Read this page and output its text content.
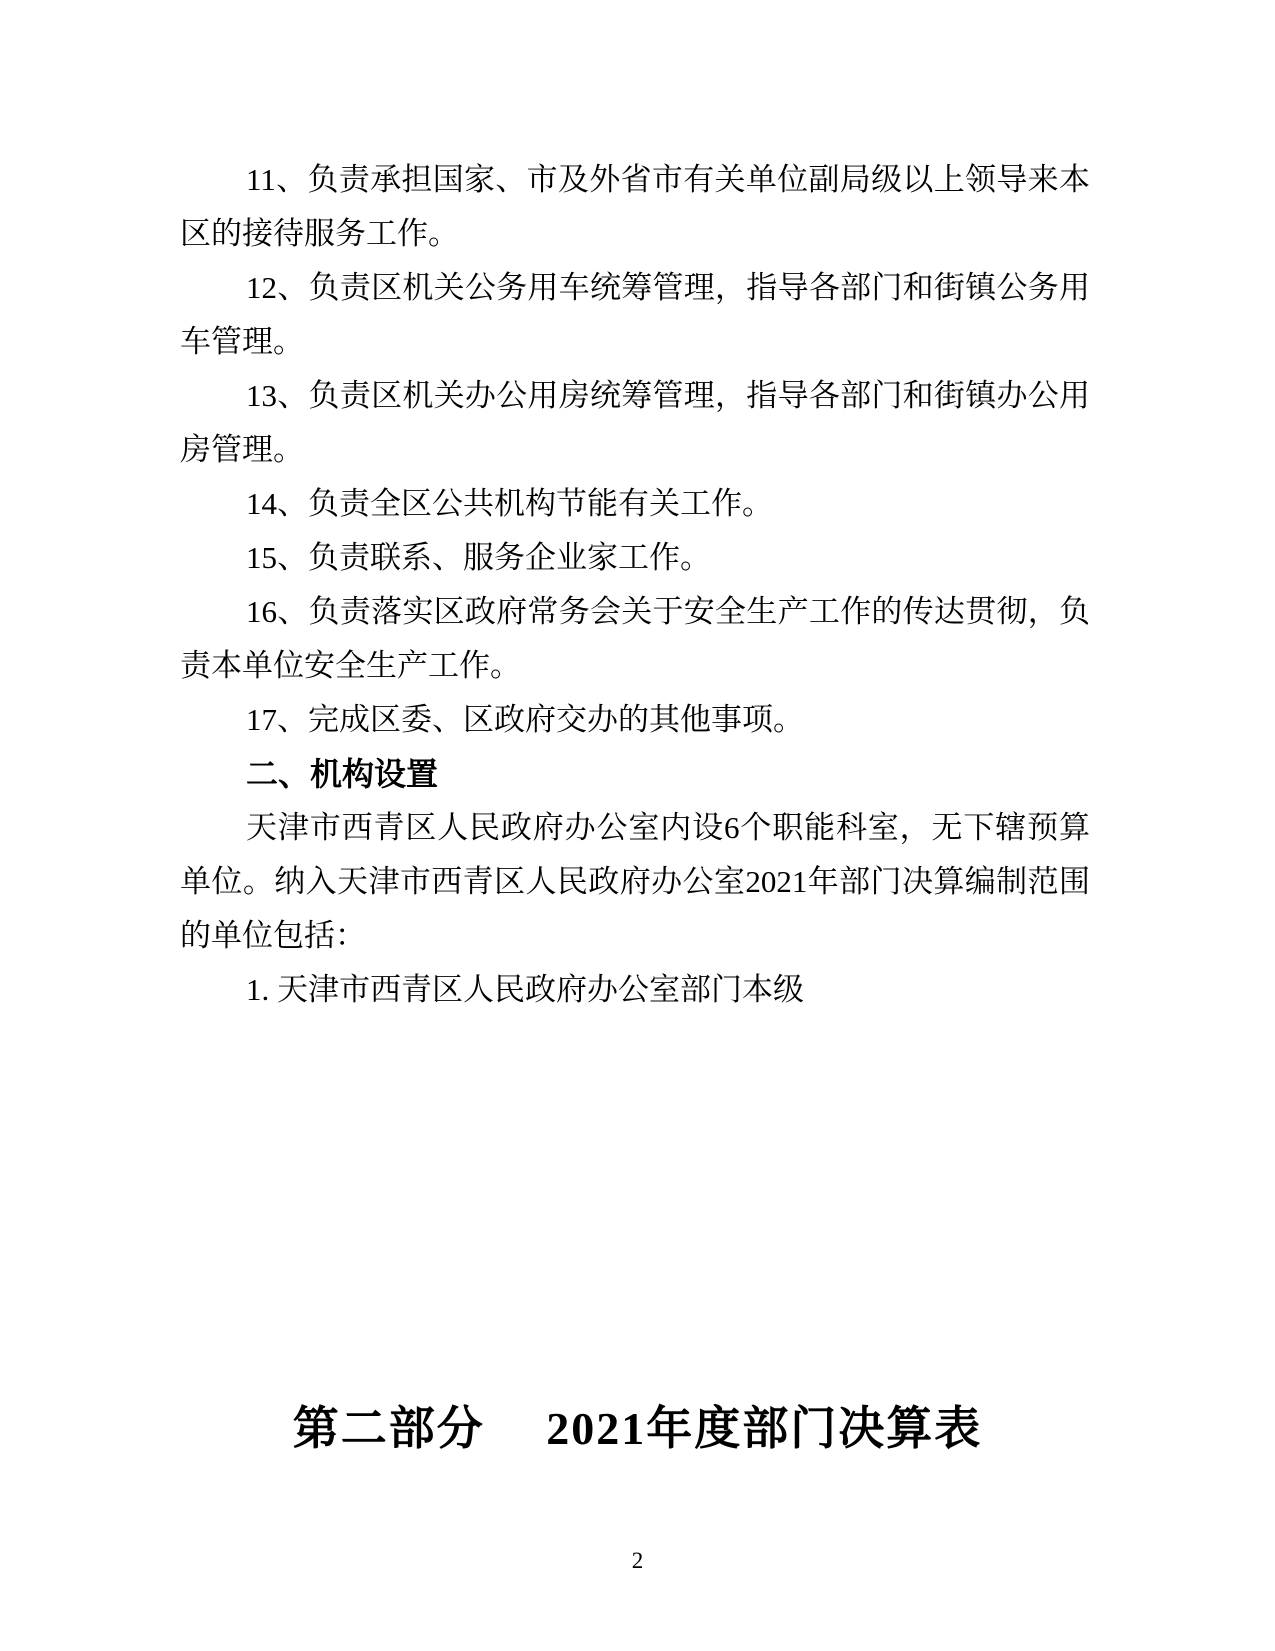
11、负责承担国家、市及外省市有关单位副局级以上领导来本
区的接待服务工作。
12、负责区机关公务用车统筹管理，指导各部门和街镇公务用
车管理。
13、负责区机关办公用房统筹管理，指导各部门和街镇办公用
房管理。
14、负责全区公共机构节能有关工作。
15、负责联系、服务企业家工作。
16、负责落实区政府常务会关于安全生产工作的传达贯彻，负
责本单位安全生产工作。
17、完成区委、区政府交办的其他事项。
二、机构设置
天津市西青区人民政府办公室内设6个职能科室，无下辖预算
单位。纳入天津市西青区人民政府办公室2021年部门决算编制范围
的单位包括：
1. 天津市西青区人民政府办公室部门本级
第二部分　 2021年度部门决算表
2
